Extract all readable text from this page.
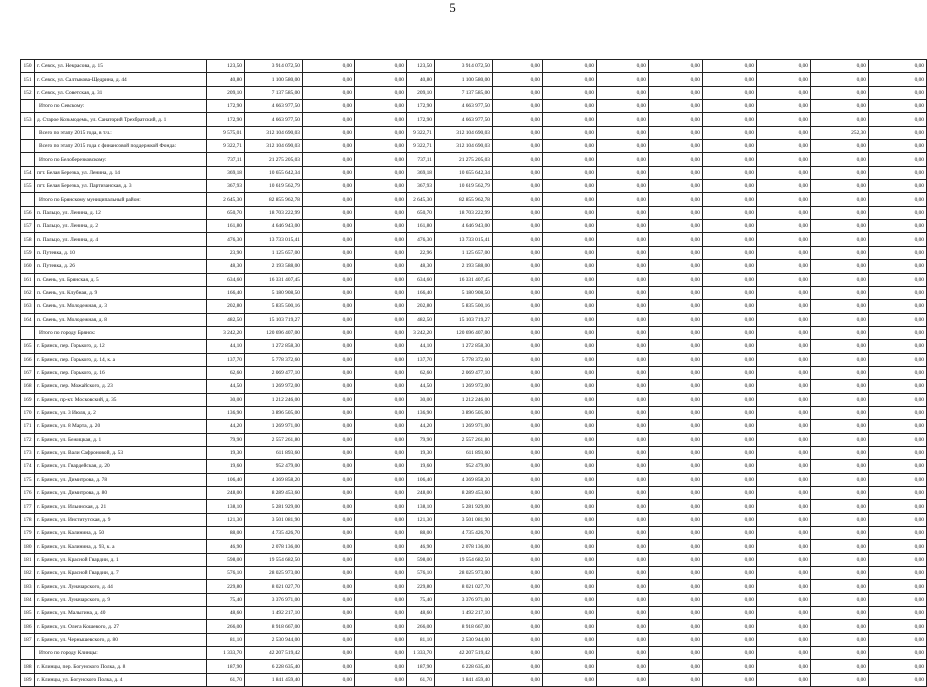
5
150	г. Севск, ул. Некрасова, д. 15	123,50	3 914 072,50	0,00	0,00	123,50	3 914 072,50	0,00	0,00	0,00	0,00	0,00	0,00	0,00	0,00
151	г. Севск, ул. Салтыкова-Щедрина, д. 44	40,80	1 100 580,00	0,00	0,00	40,80	1 100 580,00	0,00	0,00	0,00	0,00	0,00	0,00	0,00	0,00
152	г. Севск, ул. Советская, д. 31	209,10	7 137 585,00	0,00	0,00	209,10	7 137 585,00	0,00	0,00	0,00	0,00	0,00	0,00	0,00	0,00
	Итого по Севскому:	172,90	4 663 977,50	0,00	0,00	172,90	4 663 977,50	0,00	0,00	0,00	0,00	0,00	0,00	0,00	0,00
153	д. Старое Козьмодемь, ул. Санаторий Трехбратский, д. 1	172,90	4 663 977,50	0,00	0,00	172,90	4 663 977,50	0,00	0,00	0,00	0,00	0,00	0,00	0,00	0,00
	Всего по этапу 2015 года, в т.ч.:	9 575,01	312 104 690,03	0,00	0,00	9 322,71	312 104 690,03	0,00	0,00	0,00	0,00	0,00	0,00	252,30	0,00
	Всего по этапу 2015 года с финансовой поддержкой Фонда:	9 322,71	312 104 690,03	0,00	0,00	9 322,71	312 104 690,03	0,00	0,00	0,00	0,00	0,00	0,00	0,00	0,00
	Итого по Белоберезковскому:	737,11	21 275 205,03	0,00	0,00	737,11	21 275 205,03	0,00	0,00	0,00	0,00	0,00	0,00	0,00	0,00
154	пгт. Белая Березка, ул. Ленина, д. 14	369,18	10 655 642,34	0,00	0,00	369,18	10 655 642,34	0,00	0,00	0,00	0,00	0,00	0,00	0,00	0,00
155	пгт. Белая Березка, ул. Партизанская, д. 3	367,93	10 619 562,79	0,00	0,00	367,93	10 619 562,79	0,00	0,00	0,00	0,00	0,00	0,00	0,00	0,00
	Итого по Брянскому муниципальный район:	2 645,30	82 855 962,78	0,00	0,00	2 645,30	82 855 962,78	0,00	0,00	0,00	0,00	0,00	0,00	0,00	0,00
156	п. Пальцо, ул. Ленина, д. 12	650,70	18 703 222,99	0,00	0,00	650,70	18 703 222,99	0,00	0,00	0,00	0,00	0,00	0,00	0,00	0,00
157	п. Пальцо, ул. Ленина, д. 2	161,80	4 646 943,00	0,00	0,00	161,80	4 646 943,00	0,00	0,00	0,00	0,00	0,00	0,00	0,00	0,00
158	п. Пальцо, ул. Ленина, д. 4	476,30	13 733 015,41	0,00	0,00	476,30	13 733 015,41	0,00	0,00	0,00	0,00	0,00	0,00	0,00	0,00
159	п. Путевка, д. 10	23,90	1 125 657,00	0,00	0,00	22,96	1 125 657,00	0,00	0,00	0,00	0,00	0,00	0,00	0,00	0,00
160	п. Путевка, д. 26	48,30	2 193 588,00	0,00	0,00	48,30	2 193 588,00	0,00	0,00	0,00	0,00	0,00	0,00	0,00	0,00
161	п. Свень, ул. Брянская, д. 5	634,60	16 331 407,45	0,00	0,00	634,60	16 331 407,45	0,00	0,00	0,00	0,00	0,00	0,00	0,00	0,00
162	п. Свень, ул. Клубная, д. 9	166,40	5 180 908,50	0,00	0,00	166,40	5 180 908,50	0,00	0,00	0,00	0,00	0,00	0,00	0,00	0,00
163	п. Свень, ул. Молодежная, д. 3	202,80	5 835 500,16	0,00	0,00	202,80	5 835 500,16	0,00	0,00	0,00	0,00	0,00	0,00	0,00	0,00
164	п. Свень, ул. Молодежная, д. 8	482,50	15 103 719,27	0,00	0,00	482,50	15 103 719,27	0,00	0,00	0,00	0,00	0,00	0,00	0,00	0,00
	Итого по городу Брянск:	3 242,20	120 696 407,00	0,00	0,00	3 242,20	120 696 407,00	0,00	0,00	0,00	0,00	0,00	0,00	0,00	0,00
165	г. Брянск, пер. Горького, д. 12	44,10	1 272 858,30	0,00	0,00	44,10	1 272 858,30	0,00	0,00	0,00	0,00	0,00	0,00	0,00	0,00
166	г. Брянск, пер. Горького, д. 14, к. а	137,70	5 778 372,60	0,00	0,00	137,70	5 778 372,60	0,00	0,00	0,00	0,00	0,00	0,00	0,00	0,00
167	г. Брянск, пер. Горького, д. 16	62,60	2 069 477,10	0,00	0,00	62,60	2 069 477,10	0,00	0,00	0,00	0,00	0,00	0,00	0,00	0,00
168	г. Брянск, пер. Можайского, д. 23	44,50	1 269 972,00	0,00	0,00	44,50	1 269 972,00	0,00	0,00	0,00	0,00	0,00	0,00	0,00	0,00
169	г. Брянск, пр-кт. Московский, д. 35	30,00	1 212 246,00	0,00	0,00	30,00	1 212 246,00	0,00	0,00	0,00	0,00	0,00	0,00	0,00	0,00
170	г. Брянск, ул. 3 Июля, д. 2	136,90	3 896 505,00	0,00	0,00	136,90	3 896 505,00	0,00	0,00	0,00	0,00	0,00	0,00	0,00	0,00
171	г. Брянск, ул. 8 Марта, д. 20	44,20	1 269 971,00	0,00	0,00	44,20	1 269 971,00	0,00	0,00	0,00	0,00	0,00	0,00	0,00	0,00
172	г. Брянск, ул. Бежицкая, д. 1	79,90	2 557 261,80	0,00	0,00	79,90	2 557 261,80	0,00	0,00	0,00	0,00	0,00	0,00	0,00	0,00
173	г. Брянск, ул. Вали Сафроновой, д. 53	19,30	611 893,60	0,00	0,00	19,30	611 893,60	0,00	0,00	0,00	0,00	0,00	0,00	0,00	0,00
174	г. Брянск, ул. Гвардейская, д. 20	19,60	952 479,00	0,00	0,00	19,60	952 479,00	0,00	0,00	0,00	0,00	0,00	0,00	0,00	0,00
175	г. Брянск, ул. Димитрова, д. 78	106,40	4 369 858,20	0,00	0,00	106,40	4 369 858,20	0,00	0,00	0,00	0,00	0,00	0,00	0,00	0,00
176	г. Брянск, ул. Димитрова, д. 80	248,00	8 289 453,60	0,00	0,00	248,00	8 289 453,60	0,00	0,00	0,00	0,00	0,00	0,00	0,00	0,00
177	г. Брянск, ул. Ильинская, д. 21	138,10	5 281 929,00	0,00	0,00	138,10	5 281 929,00	0,00	0,00	0,00	0,00	0,00	0,00	0,00	0,00
178	г. Брянск, ул. Институтская, д. 9	121,30	3 501 081,90	0,00	0,00	121,30	3 501 081,90	0,00	0,00	0,00	0,00	0,00	0,00	0,00	0,00
179	г. Брянск, ул. Калинина, д. 50	88,00	4 735 426,70	0,00	0,00	88,00	4 735 426,70	0,00	0,00	0,00	0,00	0,00	0,00	0,00	0,00
180	г. Брянск, ул. Калинина, д. 93, к. а	46,90	2 078 136,00	0,00	0,00	46,90	2 078 136,00	0,00	0,00	0,00	0,00	0,00	0,00	0,00	0,00
181	г. Брянск, ул. Красной Гвардии, д. 1	598,00	19 554 682,50	0,00	0,00	598,00	19 554 682,50	0,00	0,00	0,00	0,00	0,00	0,00	0,00	0,00
182	г. Брянск, ул. Красной Гвардии, д. 7	576,10	28 025 973,00	0,00	0,00	576,10	28 025 973,00	0,00	0,00	0,00	0,00	0,00	0,00	0,00	0,00
183	г. Брянск, ул. Луначарского, д. 44	229,80	8 021 027,70	0,00	0,00	229,80	8 021 027,70	0,00	0,00	0,00	0,00	0,00	0,00	0,00	0,00
184	г. Брянск, ул. Луначарского, д. 9	75,40	3 376 971,00	0,00	0,00	75,40	3 376 971,00	0,00	0,00	0,00	0,00	0,00	0,00	0,00	0,00
185	г. Брянск, ул. Малыгина, д. 40	48,60	1 492 217,10	0,00	0,00	48,60	1 492 217,10	0,00	0,00	0,00	0,00	0,00	0,00	0,00	0,00
186	г. Брянск, ул. Олега Кошевого, д. 27	266,00	8 918 667,00	0,00	0,00	266,00	8 918 667,00	0,00	0,00	0,00	0,00	0,00	0,00	0,00	0,00
187	г. Брянск, ул. Чернышевского, д. 80	81,10	2 530 944,00	0,00	0,00	81,10	2 530 944,00	0,00	0,00	0,00	0,00	0,00	0,00	0,00	0,00
	Итого по городу Клинцы:	1 333,70	42 207 519,42	0,00	0,00	1 333,70	42 207 519,42	0,00	0,00	0,00	0,00	0,00	0,00	0,00	0,00
188	г. Клинцы, пер. Богунского Полка, д. 8	187,90	6 228 635,40	0,00	0,00	187,90	6 228 635,40	0,00	0,00	0,00	0,00	0,00	0,00	0,00	0,00
189	г. Клинцы, ул. Богунского Полка, д. 4	61,70	1 841 459,40	0,00	0,00	61,70	1 841 459,40	0,00	0,00	0,00	0,00	0,00	0,00	0,00	0,00
